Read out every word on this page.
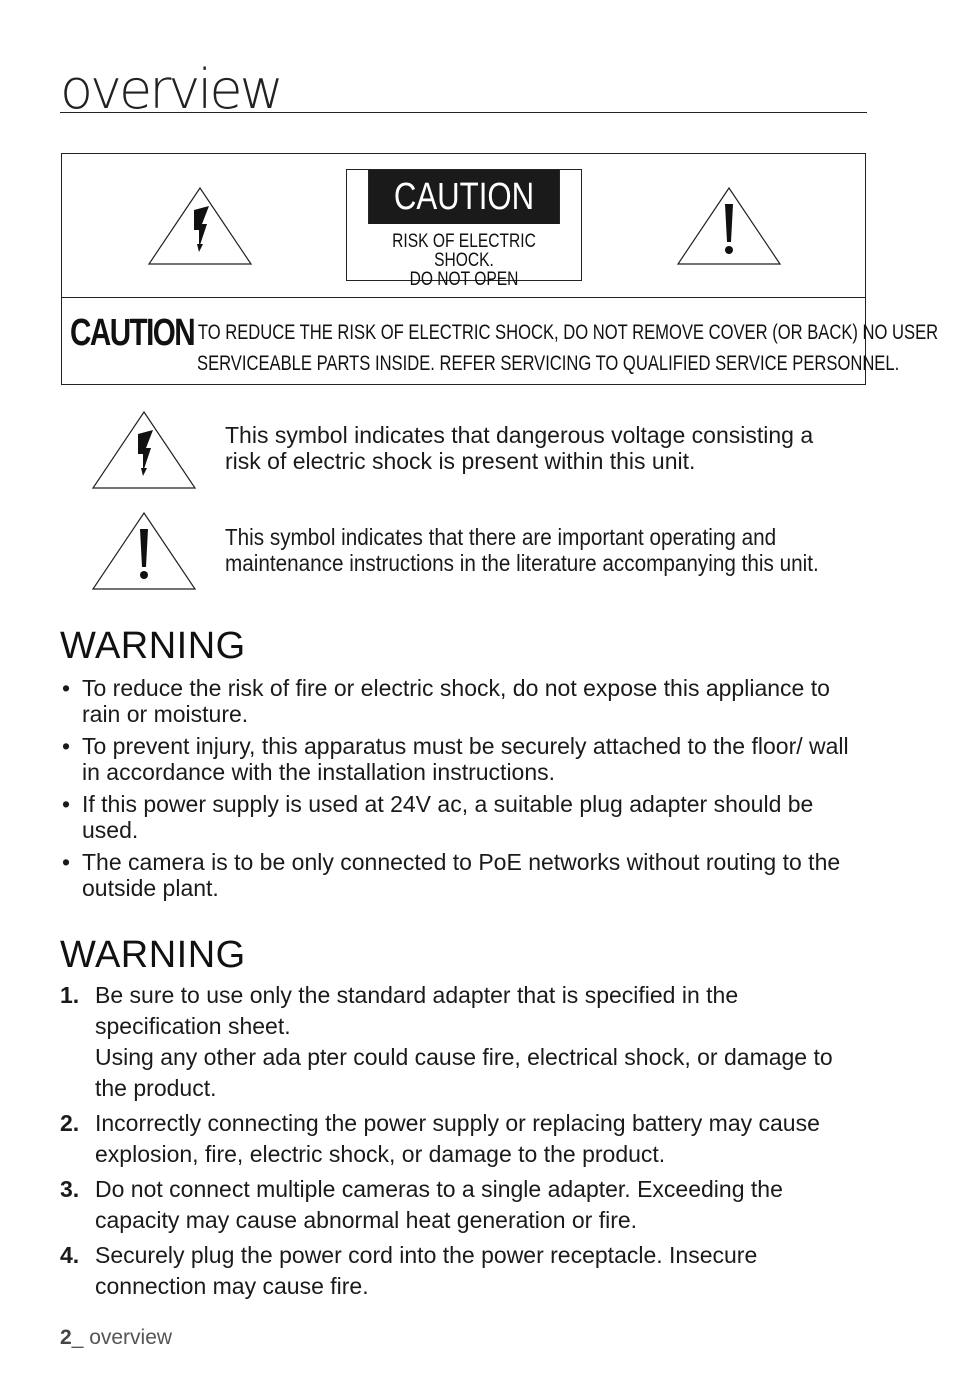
overview
CAUTION
RISK OF ELECTRIC SHOCK.
DO NOT OPEN
CAUTION
: TO REDUCE THE RISK OF ELECTRIC SHOCK, DO NOT REMOVE COVER (OR BACK) NO USER
SERVICEABLE PARTS INSIDE. REFER SERVICING TO QUALIFIED SERVICE PERSONNEL.
This symbol indicates that dangerous voltage consisting a risk of electric shock is present within this unit.
This symbol indicates that there are important operating and maintenance instructions in the literature accompanying this unit.
WARNING
• To reduce the risk of fire or electric shock, do not expose this appliance to rain or moisture.
• To prevent injury, this apparatus must be securely attached to the floor/ wall in accordance with the installation instructions.
• If this power supply is used at 24V ac, a suitable plug adapter should be used.
• The camera is to be only connected to PoE networks without routing to the outside plant.
WARNING
1. Be sure to use only the standard adapter that is specified in the specification sheet.
Using any other ada pter could cause fire, electrical shock, or damage to the product.
2. Incorrectly connecting the power supply or replacing battery may cause explosion, fire, electric shock, or damage to the product.
3. Do not connect multiple cameras to a single adapter. Exceeding the capacity may cause abnormal heat generation or fire.
4. Securely plug the power cord into the power receptacle. Insecure connection may cause fire.
2_ overview
